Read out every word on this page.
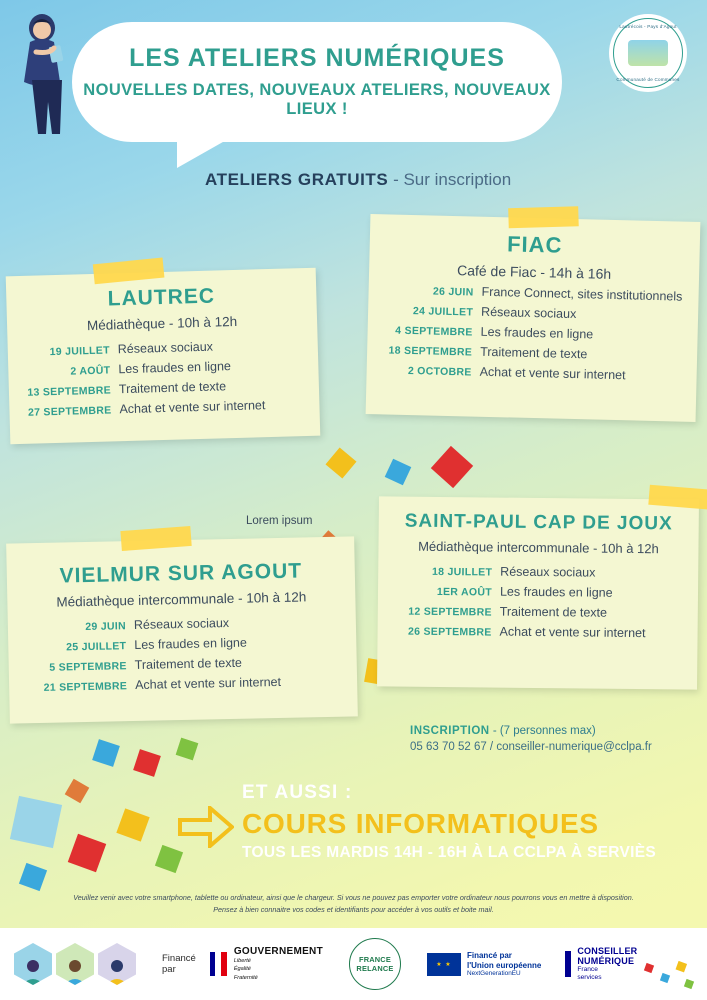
Lautrécois - Pays d'Agout
Communauté de Communes
LES ATELIERS NUMÉRIQUES
NOUVELLES DATES, NOUVEAUX ATELIERS, NOUVEAUX LIEUX !
ATELIERS GRATUITS - Sur inscription
LAUTREC
Médiathèque - 10h à 12h
19 JUILLET Réseaux sociaux
2 AOÛT Les fraudes en ligne
13 SEPTEMBRE Traitement de texte
27 SEPTEMBRE Achat et vente sur internet
FIAC
Café de Fiac - 14h à 16h
26 JUIN France Connect, sites institutionnels
24 JUILLET Réseaux sociaux
4 SEPTEMBRE Les fraudes en ligne
18 SEPTEMBRE Traitement de texte
2 OCTOBRE Achat et vente sur internet
Lorem ipsum
VIELMUR SUR AGOUT
Médiathèque intercommunale - 10h à 12h
29 JUIN Réseaux sociaux
25 JUILLET Les fraudes en ligne
5 SEPTEMBRE Traitement de texte
21 SEPTEMBRE Achat et vente sur internet
SAINT-PAUL CAP DE JOUX
Médiathèque intercommunale - 10h à 12h
18 JUILLET Réseaux sociaux
1ER AOÛT Les fraudes en ligne
12 SEPTEMBRE Traitement de texte
26 SEPTEMBRE Achat et vente sur internet
INSCRIPTION - (7 personnes max)
05 63 70 52 67 / conseiller-numerique@cclpa.fr
ET AUSSI :
COURS INFORMATIQUES
TOUS LES MARDIS 14H - 16H À LA CCLPA À SERVIÈS
Veuillez venir avec votre smartphone, tablette ou ordinateur, ainsi que le chargeur. Si vous ne pouvez pas emporter votre ordinateur nous pourrons vous en mettre à disposition.
Pensez à bien connaitre vos codes et identifiants pour accéder à vos outils et boite mail.
Financé
par
GOUVERNEMENT
Liberté
Égalité
Fraternité
FRANCE
RELANCE
★ ★
Financé par
l'Union européenne
NextGenerationEU
CONSEILLER
NUMÉRIQUE
France
services
